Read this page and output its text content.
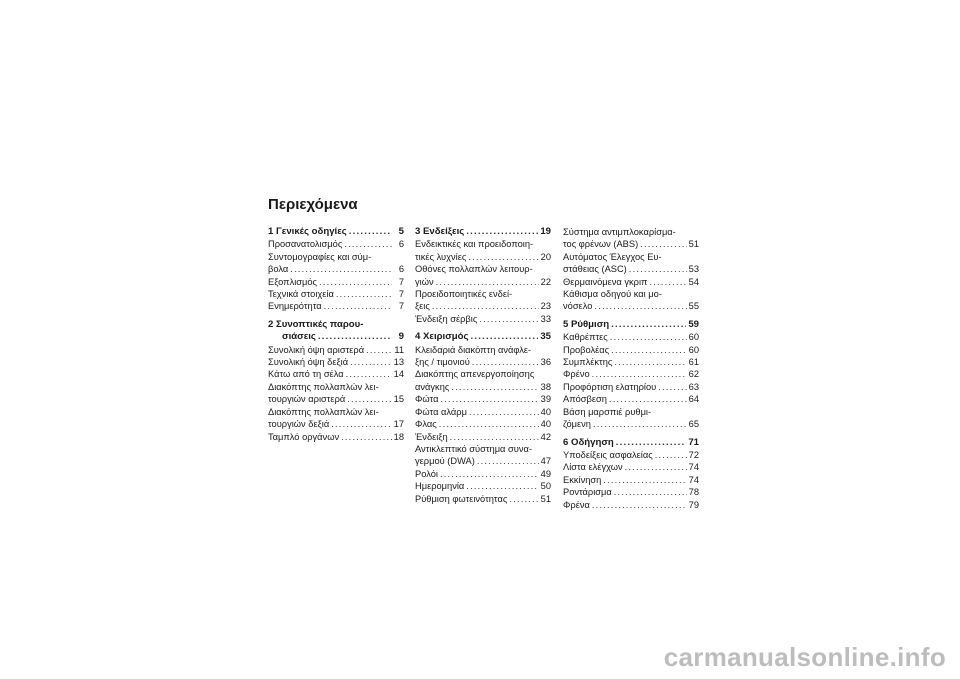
Περιεχόμενα
1 Γενικές οδηγίες .....	5
Προσανατολισμός .....	6
Συντομογραφίες και σύμ-
βολα .....	6
Εξοπλισμός .....	7
Τεχνικά στοιχεία .....	7
Ενημερότητα .....	7
2 Συνοπτικές παρου-
σιάσεις .....	9
Συνολική όψη αριστερά .....	11
Συνολική όψη δεξιά .....	13
Κάτω από τη σέλα .....	14
Διακόπτης πολλαπλών λει-
τουργιών αριστερά .....	15
Διακόπτης πολλαπλών λει-
τουργιών δεξιά .....	17
Ταμπλό οργάνων .....	18
3 Ενδείξεις .....	19
Ενδεικτικές και προειδοποιη-
τικές λυχνίες .....	20
Οθόνες πολλαπλών λειτουρ-
γιών .....	22
Προειδοποιητικές ενδεί-
ξεις .....	23
Ένδειξη σέρβις .....	33
4 Χειρισμός .....	35
Κλειδαριά διακόπτη ανάφλε-
ξης / τιμονιού .....	36
Διακόπτης απενεργοποίησης
ανάγκης .....	38
Φώτα .....	39
Φώτα αλάρμ .....	40
Φλας .....	40
Ένδειξη .....	42
Αντικλεπτικό σύστημα συνα-
γερμού (DWA) .....	47
Ρολόι .....	49
Ημερομηνία .....	50
Ρύθμιση φωτεινότητας .....	51
Σύστημα αντιμπλοκαρίσμα-
τος φρένων (ABS) .....	51
Αυτόματος Έλεγχος Ευ-
στάθειας (ASC) .....	53
Θερμαινόμενα γκριπ .....	54
Κάθισμα οδηγού και μο-
νόσελο .....	55
5 Ρύθμιση .....	59
Καθρέπτες .....	60
Προβολέας .....	60
Συμπλέκτης .....	61
Φρένο .....	62
Προφόρτιση ελατηρίου .....	63
Απόσβεση .....	64
Βάση μαρσπιέ ρυθμι-
ζόμενη .....	65
6 Οδήγηση .....	71
Υποδείξεις ασφαλείας .....	72
Λίστα ελέγχων .....	74
Εκκίνηση .....	74
Ροντάρισμα .....	78
Φρένα .....	79
carmanualsonline.info
